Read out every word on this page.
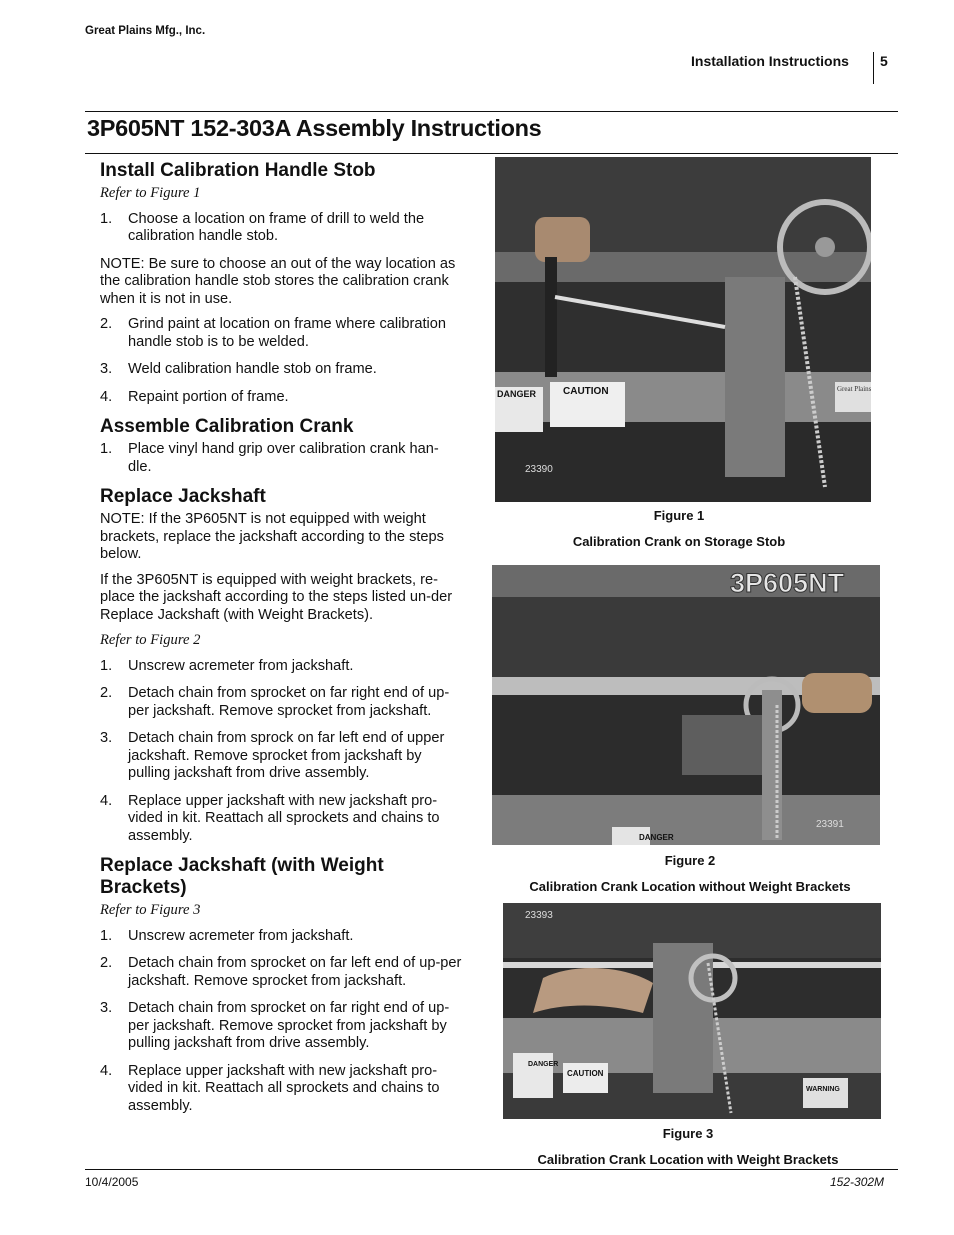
Great Plains Mfg., Inc.
Installation Instructions 5
3P605NT 152-303A Assembly Instructions
Install Calibration Handle Stob
Refer to Figure 1
1.	Choose a location on frame of drill to weld the calibration handle stob.

NOTE: Be sure to choose an out of the way location as the calibration handle stob stores the calibration crank when it is not in use.

2.	Grind paint at location on frame where calibration handle stob is to be welded.
3.	Weld calibration handle stob on frame.
4.	Repaint portion of frame.
Assemble Calibration Crank
1.	Place vinyl hand grip over calibration crank han-dle.
Replace Jackshaft

NOTE: If the 3P605NT is not equipped with weight brackets, replace the jackshaft according to the steps below.

If the 3P605NT is equipped with weight brackets, re-place the jackshaft according to the steps listed un-der Replace Jackshaft (with Weight Brackets).

Refer to Figure 2
1.	Unscrew acremeter from jackshaft.
2.	Detach chain from sprocket on far right end of up-per jackshaft. Remove sprocket from jackshaft.
3.	Detach chain from sprock on far left end of upper jackshaft. Remove sprocket from jackshaft by pulling jackshaft from drive assembly.
4.	Replace upper jackshaft with new jackshaft pro-vided in kit. Reattach all sprockets and chains to assembly.
Replace Jackshaft (with Weight Brackets)
Refer to Figure 3
1.	Unscrew acremeter from jackshaft.
2.	Detach chain from sprocket on far left end of up-per jackshaft. Remove sprocket from jackshaft.
3.	Detach chain from sprocket on far right end of up-per jackshaft. Remove sprocket from jackshaft by pulling jackshaft from drive assembly.
4.	Replace upper jackshaft with new jackshaft pro-vided in kit. Reattach all sprockets and chains to assembly.
DANGER	CAUTION	Great Plains
23390
Figure 1
Calibration Crank on Storage Stob
3P605NT
DANGER
23391
Figure 2
Calibration Crank Location without Weight Brackets
DANGER
CAUTION
WARNING
23393
Figure 3
Calibration Crank Location with Weight Brackets
10/4/2005	152-302M
